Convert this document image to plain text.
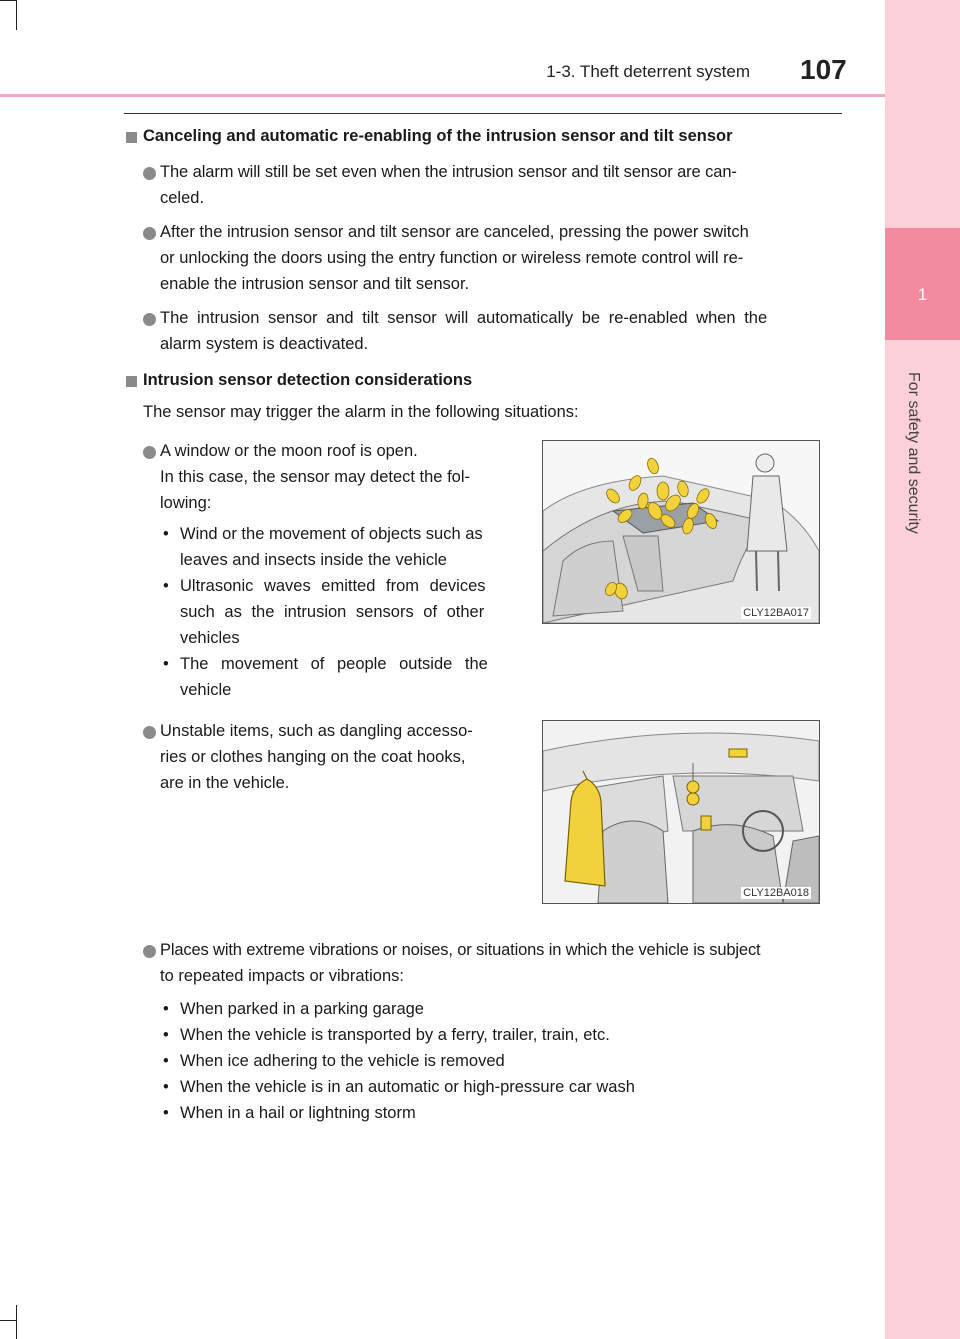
1
For safety and security
1-3. Theft deterrent system 107
Canceling and automatic re-enabling of the intrusion sensor and tilt sensor
The alarm will still be set even when the intrusion sensor and tilt sensor are can-
celed.
After the intrusion sensor and tilt sensor are canceled, pressing the power switch
or unlocking the doors using the entry function or wireless remote control will re-
enable the intrusion sensor and tilt sensor.
The intrusion sensor and tilt sensor will automatically be re-enabled when the
alarm system is deactivated.
Intrusion sensor detection considerations
The sensor may trigger the alarm in the following situations:
A window or the moon roof is open.
In this case, the sensor may detect the fol-
lowing:
• Wind or the movement of objects such as
leaves and insects inside the vehicle
• Ultrasonic waves emitted from devices
such as the intrusion sensors of other
vehicles
• The movement of people outside the
vehicle
CLY12BA017
Unstable items, such as dangling accesso-
ries or clothes hanging on the coat hooks,
are in the vehicle.
CLY12BA018
Places with extreme vibrations or noises, or situations in which the vehicle is subject
to repeated impacts or vibrations:
• When parked in a parking garage
• When the vehicle is transported by a ferry, trailer, train, etc.
• When ice adhering to the vehicle is removed
• When the vehicle is in an automatic or high-pressure car wash
• When in a hail or lightning storm
